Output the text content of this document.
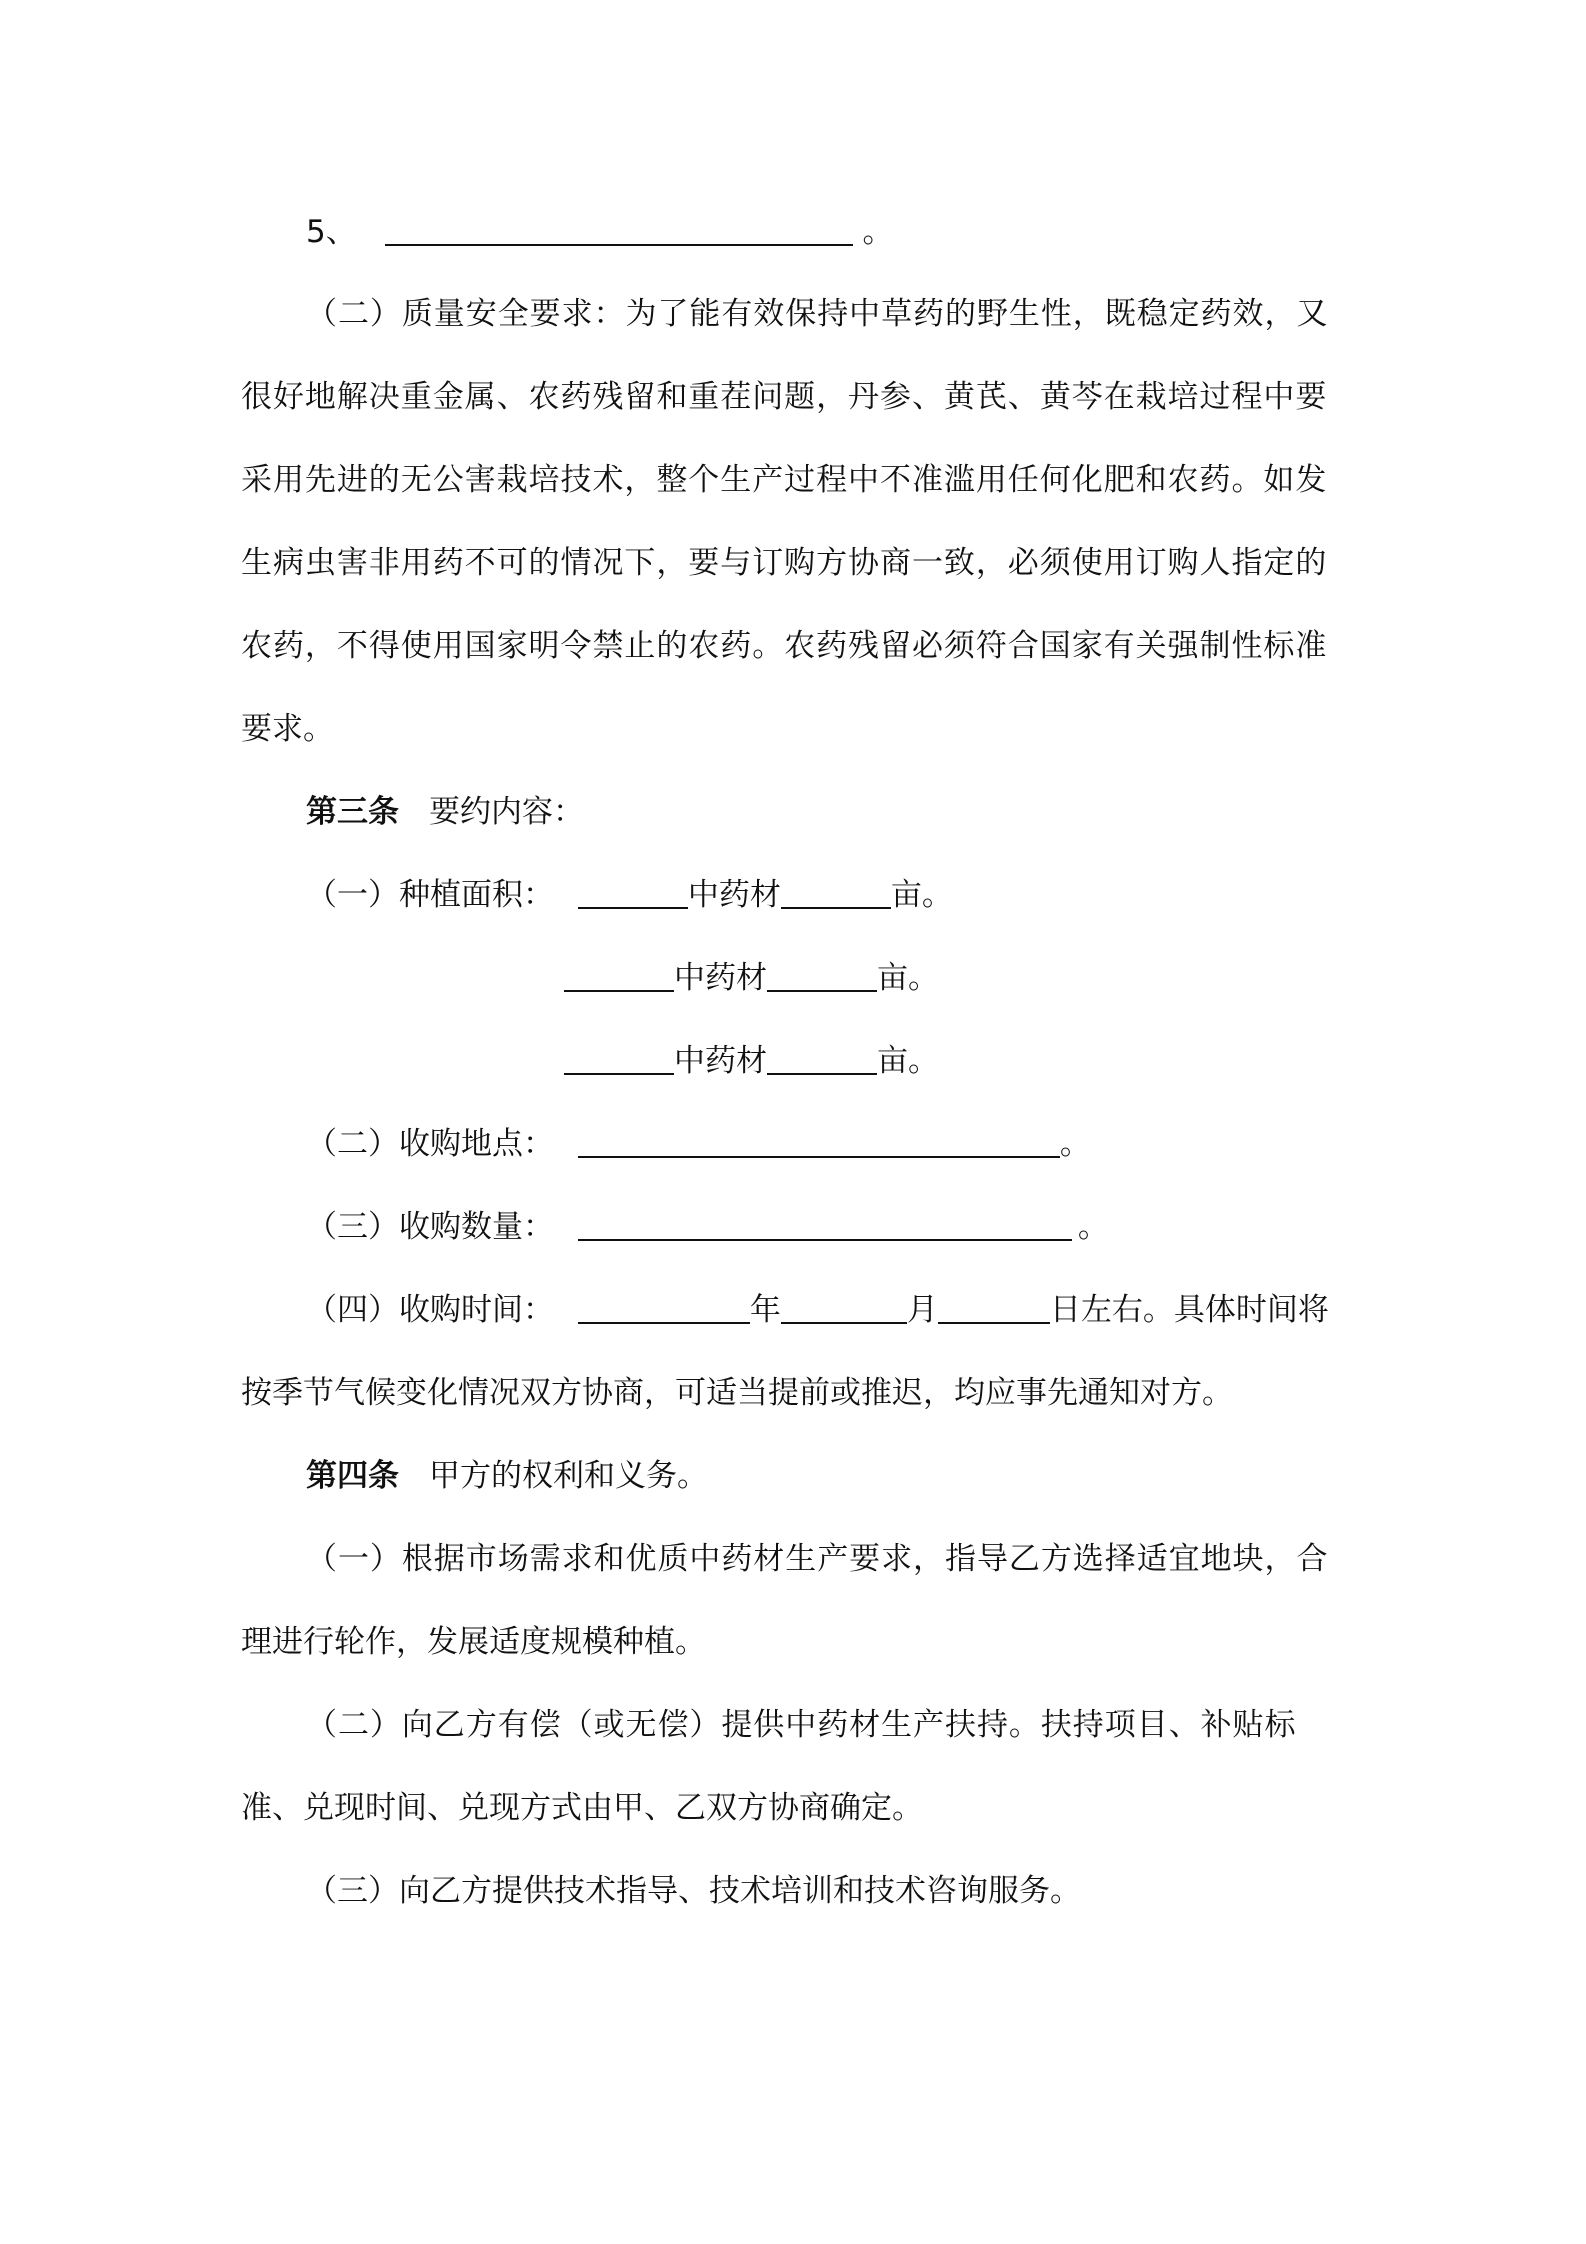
5、	。
（二）质量安全要求：为了能有效保持中草药的野生性，既稳定药效，又
很好地解决重金属、农药残留和重茬问题，丹参、黄芪、黄芩在栽培过程中要
采用先进的无公害栽培技术，整个生产过程中不准滥用任何化肥和农药。如发
生病虫害非用药不可的情况下，要与订购方协商一致，必须使用订购人指定的
农药，不得使用国家明令禁止的农药。农药残留必须符合国家有关强制性标准
要求。
第三条 要约内容：
（一）种植面积：	中药材	亩。
中药材	亩。
中药材	亩。
（二）收购地点：	。
（三）收购数量：	。
（四）收购时间：	年	月	日左右。具体时间将
按季节气候变化情况双方协商，可适当提前或推迟，均应事先通知对方。
第四条 甲方的权利和义务。
（一）根据市场需求和优质中药材生产要求，指导乙方选择适宜地块，合
理进行轮作，发展适度规模种植。
（二）向乙方有偿（或无偿）提供中药材生产扶持。扶持项目、补贴标
准、兑现时间、兑现方式由甲、乙双方协商确定。
（三）向乙方提供技术指导、技术培训和技术咨询服务。
